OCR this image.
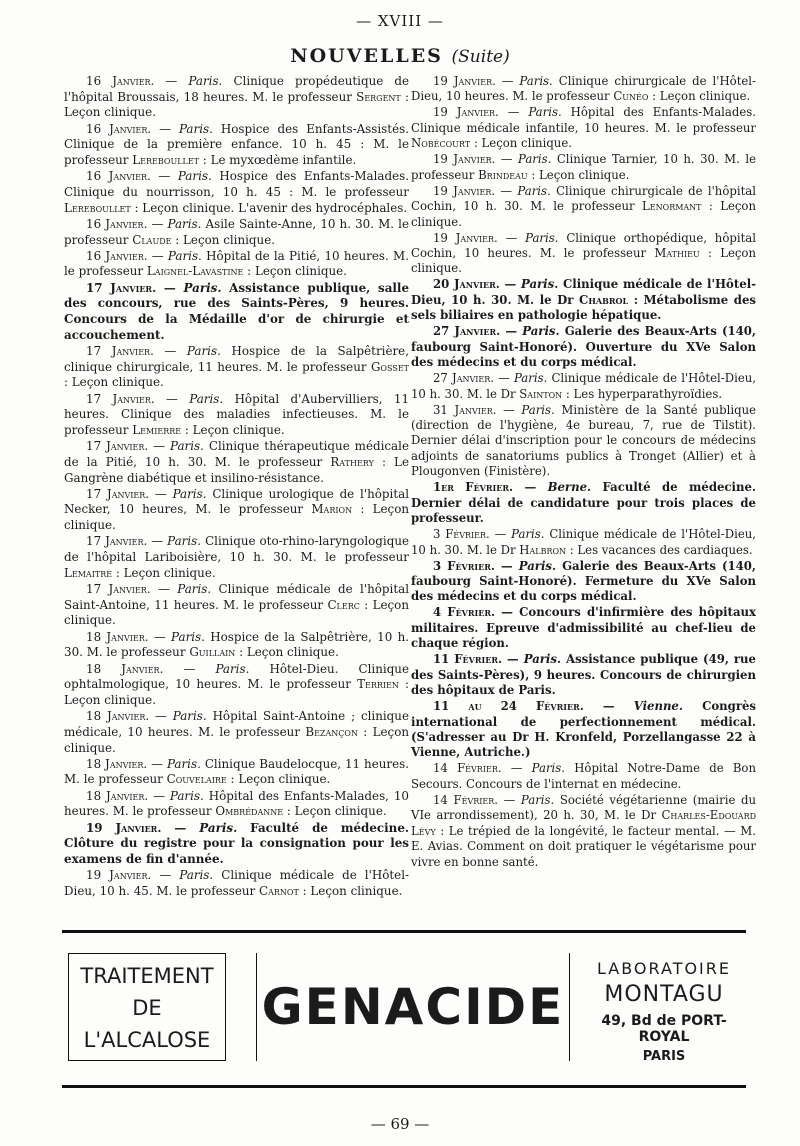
— XVIII —
NOUVELLES (Suite)

16 Janvier. — Paris. Clinique propédeutique de l'hôpital Broussais, 18 heures. M. le professeur Sergent : Leçon clinique.

16 Janvier. — Paris. Hospice des Enfants-Assistés. Clinique de la première enfance. 10 h. 45 : M. le professeur Lereboullet : Le myxœdème infantile.

16 Janvier. — Paris. Hospice des Enfants-Malades. Clinique du nourrisson, 10 h. 45 : M. le professeur Lereboullet : Leçon clinique. L'avenir des hydrocéphales.

16 Janvier. — Paris. Asile Sainte-Anne, 10 h. 30. M. le professeur Claude : Leçon clinique.

16 Janvier. — Paris. Hôpital de la Pitié, 10 heures. M. le professeur Laignel-Lavastine : Leçon clinique.

17 Janvier. — Paris. Assistance publique, salle des concours, rue des Saints-Pères, 9 heures. Concours de la Médaille d'or de chirurgie et accouchement.

17 Janvier. — Paris. Hospice de la Salpêtrière, clinique chirurgicale, 11 heures. M. le professeur Gosset : Leçon clinique.

17 Janvier. — Paris. Hôpital d'Aubervilliers, 11 heures. Clinique des maladies infectieuses. M. le professeur Lemierre : Leçon clinique.

17 Janvier. — Paris. Clinique thérapeutique médicale de la Pitié, 10 h. 30. M. le professeur Rathery : Le Gangrène diabétique et insilino-résistance.

17 Janvier. — Paris. Clinique urologique de l'hôpital Necker, 10 heures, M. le professeur Marion : Leçon clinique.

17 Janvier. — Paris. Clinique oto-rhino-laryngologique de l'hôpital Lariboisière, 10 h. 30. M. le professeur Lemaitre : Leçon clinique.

17 Janvier. — Paris. Clinique médicale de l'hôpital Saint-Antoine, 11 heures. M. le professeur Clerc : Leçon clinique.

18 Janvier. — Paris. Hospice de la Salpêtrière, 10 h. 30. M. le professeur Guillain : Leçon clinique.

18 Janvier. — Paris. Hôtel-Dieu. Clinique ophtalmologique, 10 heures. M. le professeur Terrien : Leçon clinique.

18 Janvier. — Paris. Hôpital Saint-Antoine ; clinique médicale, 10 heures. M. le professeur Bezançon : Leçon clinique.

18 Janvier. — Paris. Clinique Baudelocque, 11 heures. M. le professeur Couvelaire : Leçon clinique.

18 Janvier. — Paris. Hôpital des Enfants-Malades, 10 heures. M. le professeur Ombrédanne : Leçon clinique.

19 Janvier. — Paris. Faculté de médecine. Clôture du registre pour la consignation pour les examens de fin d'année.

19 Janvier. — Paris. Clinique médicale de l'Hôtel-Dieu, 10 h. 45. M. le professeur Carnot : Leçon clinique.

19 Janvier. — Paris. Clinique chirurgicale de l'Hôtel-Dieu, 10 heures. M. le professeur Cunéo : Leçon clinique.

19 Janvier. — Paris. Hôpital des Enfants-Malades. Clinique médicale infantile, 10 heures. M. le professeur Nobécourt : Leçon clinique.

19 Janvier. — Paris. Clinique Tarnier, 10 h. 30. M. le professeur Brindeau : Leçon clinique.

19 Janvier. — Paris. Clinique chirurgicale de l'hôpital Cochin, 10 h. 30. M. le professeur Lenormant : Leçon clinique.

19 Janvier. — Paris. Clinique orthopédique, hôpital Cochin, 10 heures. M. le professeur Mathieu : Leçon clinique.

20 Janvier. — Paris. Clinique médicale de l'Hôtel-Dieu, 10 h. 30. M. le Dr Chabrol : Métabolisme des sels biliaires en pathologie hépatique.

27 Janvier. — Paris. Galerie des Beaux-Arts (140, faubourg Saint-Honoré). Ouverture du XVe Salon des médecins et du corps médical.

27 Janvier. — Paris. Clinique médicale de l'Hôtel-Dieu, 10 h. 30. M. le Dr Sainton : Les hyperparathyroïdies.

31 Janvier. — Paris. Ministère de la Santé publique (direction de l'hygiène, 4e bureau, 7, rue de Tilstit). Dernier délai d'inscription pour le concours de médecins adjoints de sanatoriums publics à Tronget (Allier) et à Plougonven (Finistère).

1er Février. — Berne. Faculté de médecine. Dernier délai de candidature pour trois places de professeur.

3 Février. — Paris. Clinique médicale de l'Hôtel-Dieu, 10 h. 30. M. le Dr Halbron : Les vacances des cardiaques.

3 Février. — Paris. Galerie des Beaux-Arts (140, faubourg Saint-Honoré). Fermeture du XVe Salon des médecins et du corps médical.

4 Février. — Concours d'infirmière des hôpitaux militaires. Epreuve d'admissibilité au chef-lieu de chaque région.

11 Février. — Paris. Assistance publique (49, rue des Saints-Pères), 9 heures. Concours de chirurgien des hôpitaux de Paris.

11 au 24 Février. — Vienne. Congrès international de perfectionnement médical. (S'adresser au Dr H. Kronfeld, Porzellangasse 22 à Vienne, Autriche.)

14 Février. — Paris. Hôpital Notre-Dame de Bon Secours. Concours de l'internat en médecine.

14 Février. — Paris. Société végétarienne (mairie du VIe arrondissement), 20 h. 30, M. le Dr Charles-Edouard Lévy : Le trépied de la longévité, le facteur mental. — M. E. Avias. Comment on doit pratiquer le végétarisme pour vivre en bonne santé.

TRAITEMENT
DE
L'ALCALOSE
GENACIDE
LABORATOIRE
MONTAGU
49, Bd de PORT-ROYAL
PARIS
— 69 —
